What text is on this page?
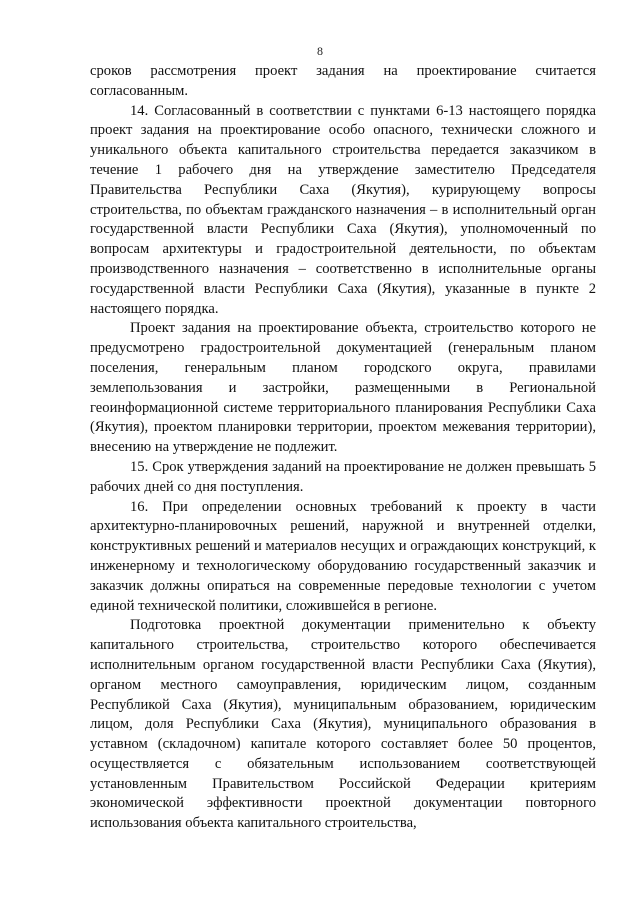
8

сроков рассмотрения проект задания на проектирование считается согласованным.

14. Согласованный в соответствии с пунктами 6-13 настоящего порядка проект задания на проектирование особо опасного, технически сложного и уникального объекта капитального строительства передается заказчиком в течение 1 рабочего дня на утверждение заместителю Председателя Правительства Республики Саха (Якутия), курирующему вопросы строительства, по объектам гражданского назначения – в исполнительный орган государственной власти Республики Саха (Якутия), уполномоченный по вопросам архитектуры и градостроительной деятельности, по объектам производственного назначения – соответственно в исполнительные органы государственной власти Республики Саха (Якутия), указанные в пункте 2 настоящего порядка.

Проект задания на проектирование объекта, строительство которого не предусмотрено градостроительной документацией (генеральным планом поселения, генеральным планом городского округа, правилами землепользования и застройки, размещенными в Региональной геоинформационной системе территориального планирования Республики Саха (Якутия), проектом планировки территории, проектом межевания территории), внесению на утверждение не подлежит.

15. Срок утверждения заданий на проектирование не должен превышать 5 рабочих дней со дня поступления.

16. При определении основных требований к проекту в части архитектурно-планировочных решений, наружной и внутренней отделки, конструктивных решений и материалов несущих и ограждающих конструкций, к инженерному и технологическому оборудованию государственный заказчик и заказчик должны опираться на современные передовые технологии с учетом единой технической политики, сложившейся в регионе.

Подготовка проектной документации применительно к объекту капитального строительства, строительство которого обеспечивается исполнительным органом государственной власти Республики Саха (Якутия), органом местного самоуправления, юридическим лицом, созданным Республикой Саха (Якутия), муниципальным образованием, юридическим лицом, доля Республики Саха (Якутия), муниципального образования в уставном (складочном) капитале которого составляет более 50 процентов, осуществляется с обязательным использованием соответствующей установленным Правительством Российской Федерации критериям экономической эффективности проектной документации повторного использования объекта капитального строительства,
